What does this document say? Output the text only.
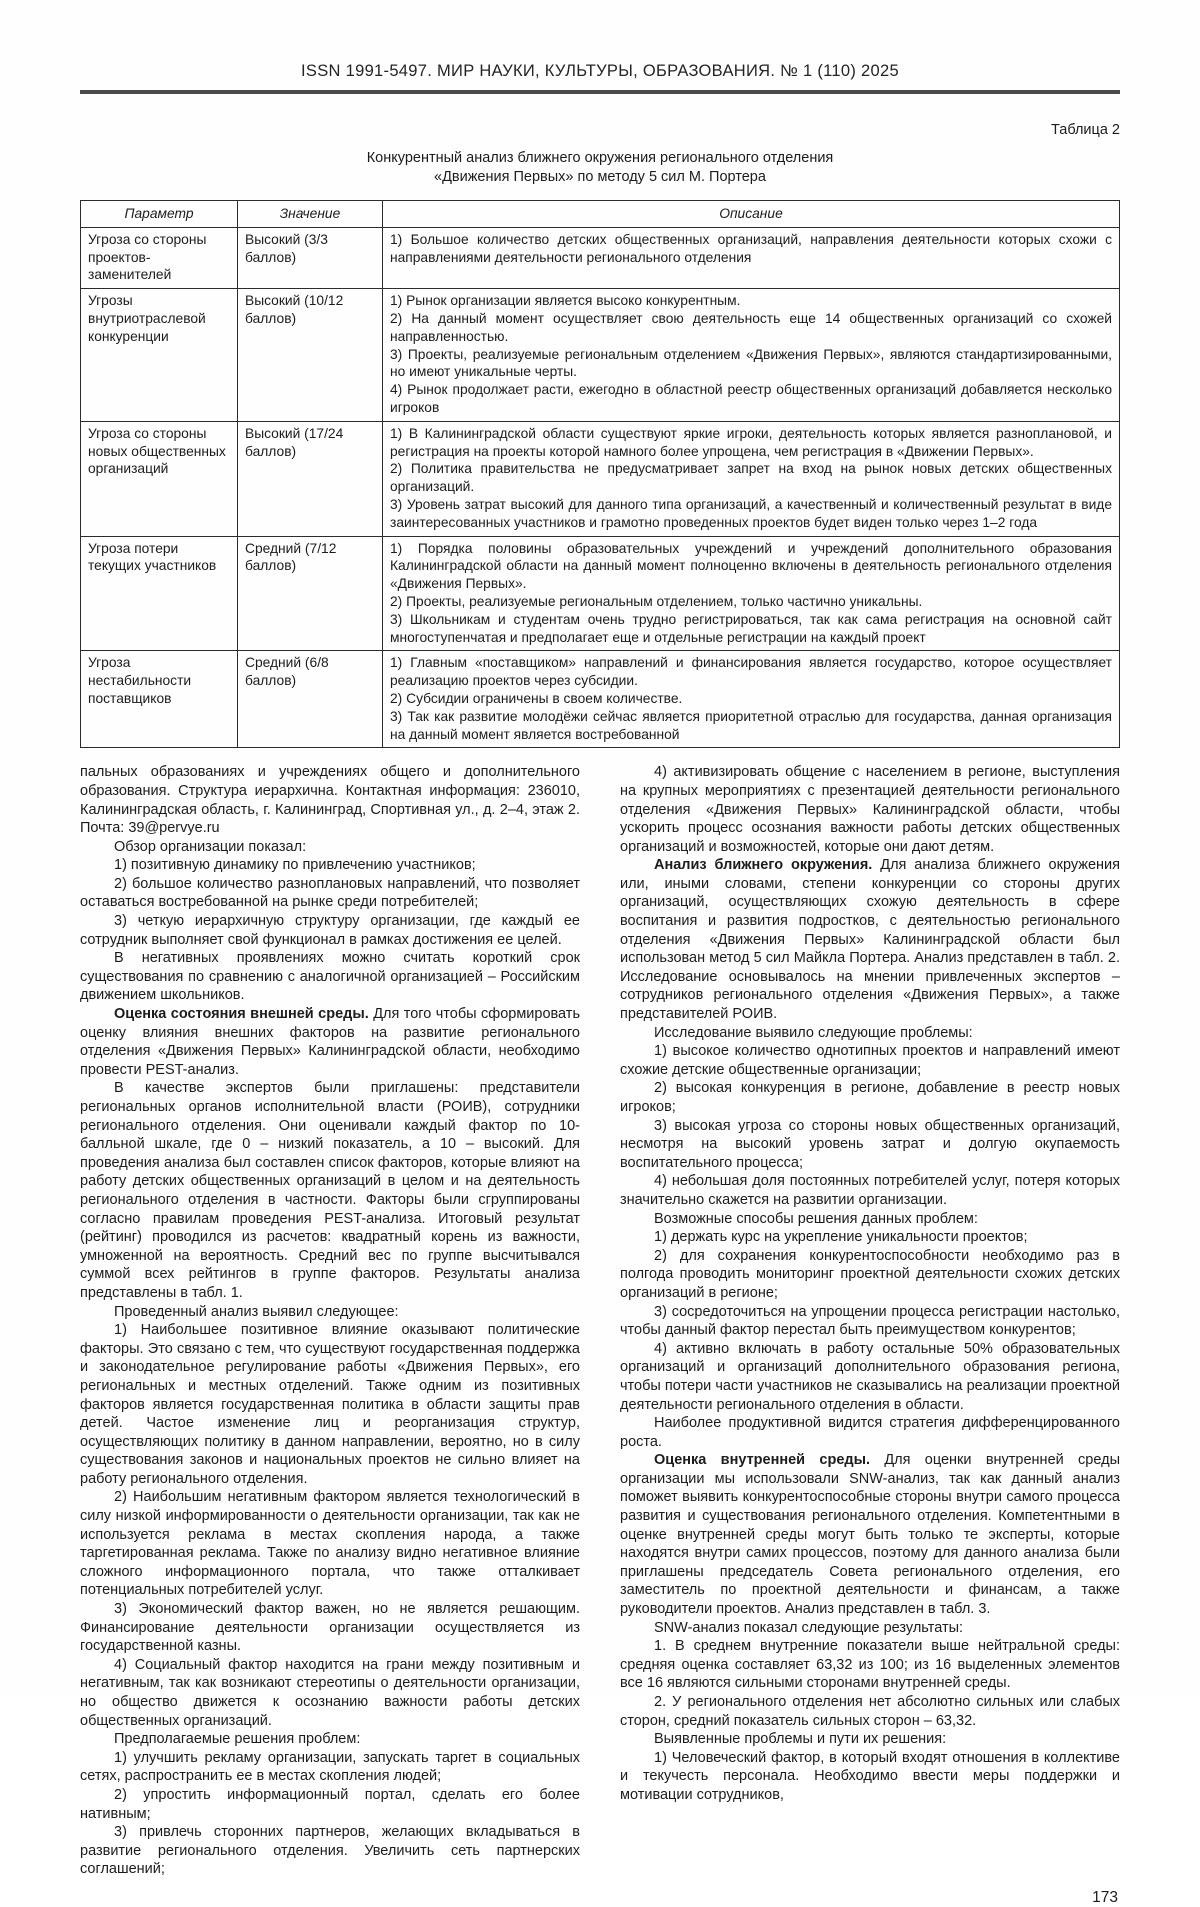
ISSN 1991-5497. МИР НАУКИ, КУЛЬТУРЫ, ОБРАЗОВАНИЯ. № 1 (110) 2025
Таблица 2
Конкурентный анализ ближнего окружения регионального отделения
«Движения Первых» по методу 5 сил М. Портера
Параметр	Значение	Описание
Угроза со стороны проектов-заменителей	Высокий (3/3 баллов)	1) Большое количество детских общественных организаций, направления деятельности которых схожи с направлениями деятельности регионального отделения
Угрозы внутриотраслевой конкуренции	Высокий (10/12 баллов)	1) Рынок организации является высоко конкурентным.
2) На данный момент осуществляет свою деятельность еще 14 общественных организаций со схожей направленностью.
3) Проекты, реализуемые региональным отделением «Движения Первых», являются стандартизированными, но имеют уникальные черты.
4) Рынок продолжает расти, ежегодно в областной реестр общественных организаций добавляется несколько игроков
Угроза со стороны новых общественных организаций	Высокий (17/24 баллов)	1) В Калининградской области существуют яркие игроки, деятельность которых является разноплановой, и регистрация на проекты которой намного более упрощена, чем регистрация в «Движении Первых».
2) Политика правительства не предусматривает запрет на вход на рынок новых детских общественных организаций.
3) Уровень затрат высокий для данного типа организаций, а качественный и количественный результат в виде заинтересованных участников и грамотно проведенных проектов будет виден только через 1–2 года
Угроза потери текущих участников	Средний (7/12 баллов)	1) Порядка половины образовательных учреждений и учреждений дополнительного образования Калининградской области на данный момент полноценно включены в деятельность регионального отделения «Движения Первых».
2) Проекты, реализуемые региональным отделением, только частично уникальны.
3) Школьникам и студентам очень трудно регистрироваться, так как сама регистрация на основной сайт многоступенчатая и предполагает еще и отдельные регистрации на каждый проект
Угроза нестабильности поставщиков	Средний (6/8 баллов)	1) Главным «поставщиком» направлений и финансирования является государство, которое осуществляет реализацию проектов через субсидии.
2) Субсидии ограничены в своем количестве.
3) Так как развитие молодёжи сейчас является приоритетной отраслью для государства, данная организация на данный момент является востребованной

пальных образованиях и учреждениях общего и дополнительного образования. Структура иерархична. Контактная информация: 236010, Калининградская область, г. Калининград, Спортивная ул., д. 2–4, этаж 2. Почта: 39@pervye.ru

Обзор организации показал:

1) позитивную динамику по привлечению участников;

2) большое количество разноплановых направлений, что позволяет оставаться востребованной на рынке среди потребителей;

3) четкую иерархичную структуру организации, где каждый ее сотрудник выполняет свой функционал в рамках достижения ее целей.

В негативных проявлениях можно считать короткий срок существования по сравнению с аналогичной организацией – Российским движением школьников.

Оценка состояния внешней среды. Для того чтобы сформировать оценку влияния внешних факторов на развитие регионального отделения «Движения Первых» Калининградской области, необходимо провести PEST-анализ.

В качестве экспертов были приглашены: представители региональных органов исполнительной власти (РОИВ), сотрудники регионального отделения. Они оценивали каждый фактор по 10-балльной шкале, где 0 – низкий показатель, а 10 – высокий. Для проведения анализа был составлен список факторов, которые влияют на работу детских общественных организаций в целом и на деятельность регионального отделения в частности. Факторы были сгруппированы согласно правилам проведения PEST-анализа. Итоговый результат (рейтинг) проводился из расчетов: квадратный корень из важности, умноженной на вероятность. Средний вес по группе высчитывался суммой всех рейтингов в группе факторов. Результаты анализа представлены в табл. 1.

Проведенный анализ выявил следующее:

1) Наибольшее позитивное влияние оказывают политические факторы. Это связано с тем, что существуют государственная поддержка и законодательное регулирование работы «Движения Первых», его региональных и местных отделений. Также одним из позитивных факторов является государственная политика в области защиты прав детей. Частое изменение лиц и реорганизация структур, осуществляющих политику в данном направлении, вероятно, но в силу существования законов и национальных проектов не сильно влияет на работу регионального отделения.

2) Наибольшим негативным фактором является технологический в силу низкой информированности о деятельности организации, так как не используется реклама в местах скопления народа, а также таргетированная реклама. Также по анализу видно негативное влияние сложного информационного портала, что также отталкивает потенциальных потребителей услуг.

3) Экономический фактор важен, но не является решающим. Финансирование деятельности организации осуществляется из государственной казны.

4) Социальный фактор находится на грани между позитивным и негативным, так как возникают стереотипы о деятельности организации, но общество движется к осознанию важности работы детских общественных организаций.

Предполагаемые решения проблем:

1) улучшить рекламу организации, запускать таргет в социальных сетях, распространить ее в местах скопления людей;

2) упростить информационный портал, сделать его более нативным;

3) привлечь сторонних партнеров, желающих вкладываться в развитие регионального отделения. Увеличить сеть партнерских соглашений;

4) активизировать общение с населением в регионе, выступления на крупных мероприятиях с презентацией деятельности регионального отделения «Движения Первых» Калининградской области, чтобы ускорить процесс осознания важности работы детских общественных организаций и возможностей, которые они дают детям.

Анализ ближнего окружения. Для анализа ближнего окружения или, иными словами, степени конкуренции со стороны других организаций, осуществляющих схожую деятельность в сфере воспитания и развития подростков, с деятельностью регионального отделения «Движения Первых» Калининградской области был использован метод 5 сил Майкла Портера. Анализ представлен в табл. 2. Исследование основывалось на мнении привлеченных экспертов – сотрудников регионального отделения «Движения Первых», а также представителей РОИВ.

Исследование выявило следующие проблемы:

1) высокое количество однотипных проектов и направлений имеют схожие детские общественные организации;

2) высокая конкуренция в регионе, добавление в реестр новых игроков;

3) высокая угроза со стороны новых общественных организаций, несмотря на высокий уровень затрат и долгую окупаемость воспитательного процесса;

4) небольшая доля постоянных потребителей услуг, потеря которых значительно скажется на развитии организации.

Возможные способы решения данных проблем:

1) держать курс на укрепление уникальности проектов;

2) для сохранения конкурентоспособности необходимо раз в полгода проводить мониторинг проектной деятельности схожих детских организаций в регионе;

3) сосредоточиться на упрощении процесса регистрации настолько, чтобы данный фактор перестал быть преимуществом конкурентов;

4) активно включать в работу остальные 50% образовательных организаций и организаций дополнительного образования региона, чтобы потери части участников не сказывались на реализации проектной деятельности регионального отделения в области.

Наиболее продуктивной видится стратегия дифференцированного роста.

Оценка внутренней среды. Для оценки внутренней среды организации мы использовали SNW-анализ, так как данный анализ поможет выявить конкурентоспособные стороны внутри самого процесса развития и существования регионального отделения. Компетентными в оценке внутренней среды могут быть только те эксперты, которые находятся внутри самих процессов, поэтому для данного анализа были приглашены председатель Совета регионального отделения, его заместитель по проектной деятельности и финансам, а также руководители проектов. Анализ представлен в табл. 3.

SNW-анализ показал следующие результаты:

1. В среднем внутренние показатели выше нейтральной среды: средняя оценка составляет 63,32 из 100; из 16 выделенных элементов все 16 являются сильными сторонами внутренней среды.

2. У регионального отделения нет абсолютно сильных или слабых сторон, средний показатель сильных сторон – 63,32.

Выявленные проблемы и пути их решения:

1) Человеческий фактор, в который входят отношения в коллективе и текучесть персонала. Необходимо ввести меры поддержки и мотивации сотрудников,

173
